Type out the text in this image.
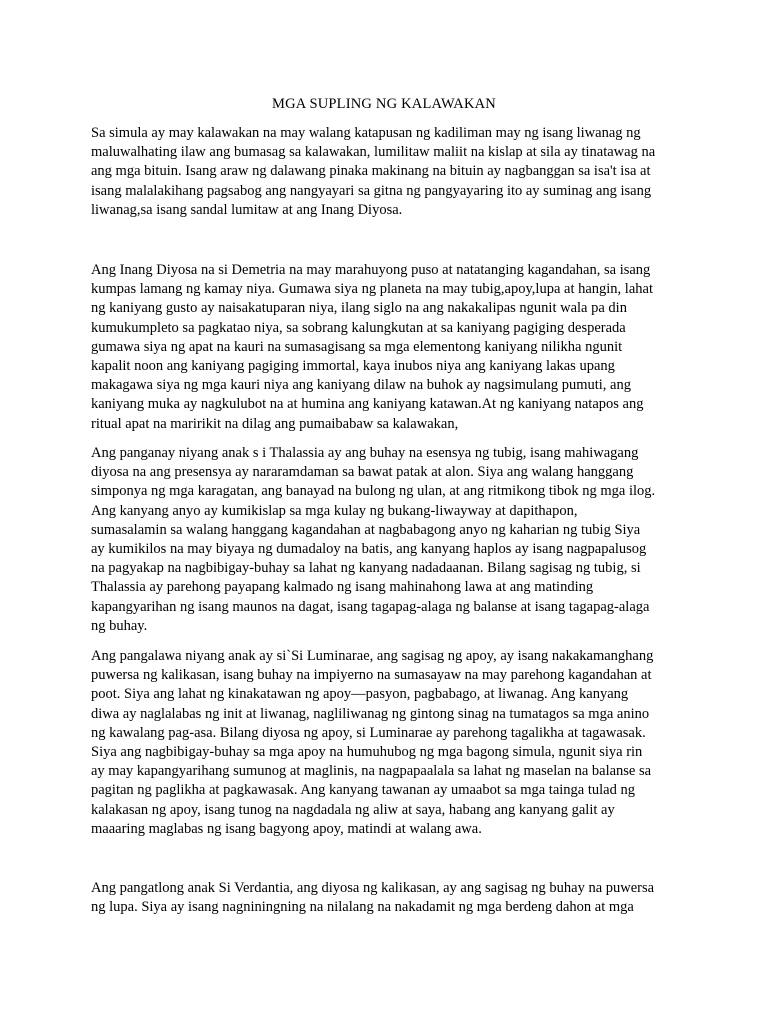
MGA SUPLING NG KALAWAKAN

Sa simula ay may kalawakan na may walang katapusan ng kadiliman may ng isang liwanag ng
maluwalhating ilaw ang bumasag sa kalawakan, lumilitaw maliit na kislap at sila ay tinatawag na
ang mga bituin. Isang araw ng dalawang pinaka makinang na bituin ay nagbanggan sa isa't isa at
isang malalakihang pagsabog ang nangyayari sa gitna ng pangyayaring ito ay suminag ang isang
liwanag,sa isang sandal lumitaw at ang Inang Diyosa.

Ang Inang Diyosa na si Demetria na may marahuyong puso at natatanging kagandahan, sa isang
kumpas lamang ng kamay niya. Gumawa siya ng planeta na may tubig,apoy,lupa at hangin, lahat
ng kaniyang gusto ay naisakatuparan niya, ilang siglo na ang nakakalipas ngunit wala pa din
kumukumpleto sa pagkatao niya, sa sobrang kalungkutan at sa kaniyang pagiging desperada
gumawa siya ng apat na kauri na sumasagisang sa mga elementong kaniyang nilikha ngunit
kapalit noon ang kaniyang pagiging immortal, kaya inubos niya ang kaniyang lakas upang
makagawa siya ng mga kauri niya ang kaniyang dilaw na buhok ay nagsimulang pumuti, ang
kaniyang muka ay nagkulubot na at humina ang kaniyang katawan.At ng kaniyang natapos ang
ritual apat na maririkit na dilag ang pumaibabaw sa kalawakan,

Ang panganay niyang anak s i Thalassia ay ang buhay na esensya ng tubig, isang mahiwagang
diyosa na ang presensya ay nararamdaman sa bawat patak at alon. Siya ang walang hanggang
simponya ng mga karagatan, ang banayad na bulong ng ulan, at ang ritmikong tibok ng mga ilog.
Ang kanyang anyo ay kumikislap sa mga kulay ng bukang-liwayway at dapithapon,
sumasalamin sa walang hanggang kagandahan at nagbabagong anyo ng kaharian ng tubig Siya
ay kumikilos na may biyaya ng dumadaloy na batis, ang kanyang haplos ay isang nagpapalusog
na pagyakap na nagbibigay-buhay sa lahat ng kanyang nadadaanan. Bilang sagisag ng tubig, si
Thalassia ay parehong payapang kalmado ng isang mahinahong lawa at ang matinding
kapangyarihan ng isang maunos na dagat, isang tagapag-alaga ng balanse at isang tagapag-alaga
ng buhay.

Ang pangalawa niyang anak ay si`Si Luminarae, ang sagisag ng apoy, ay isang nakakamanghang
puwersa ng kalikasan, isang buhay na impiyerno na sumasayaw na may parehong kagandahan at
poot. Siya ang lahat ng kinakatawan ng apoy—pasyon, pagbabago, at liwanag. Ang kanyang
diwa ay naglalabas ng init at liwanag, nagliliwanag ng gintong sinag na tumatagos sa mga anino
ng kawalang pag-asa. Bilang diyosa ng apoy, si Luminarae ay parehong tagalikha at tagawasak.
Siya ang nagbibigay-buhay sa mga apoy na humuhubog ng mga bagong simula, ngunit siya rin
ay may kapangyarihang sumunog at maglinis, na nagpapaalala sa lahat ng maselan na balanse sa
pagitan ng paglikha at pagkawasak. Ang kanyang tawanan ay umaabot sa mga tainga tulad ng
kalakasan ng apoy, isang tunog na nagdadala ng aliw at saya, habang ang kanyang galit ay
maaaring maglabas ng isang bagyong apoy, matindi at walang awa.

Ang pangatlong anak Si Verdantia, ang diyosa ng kalikasan, ay ang sagisag ng buhay na puwersa
ng lupa. Siya ay isang nagniningning na nilalang na nakadamit ng mga berdeng dahon at mga
